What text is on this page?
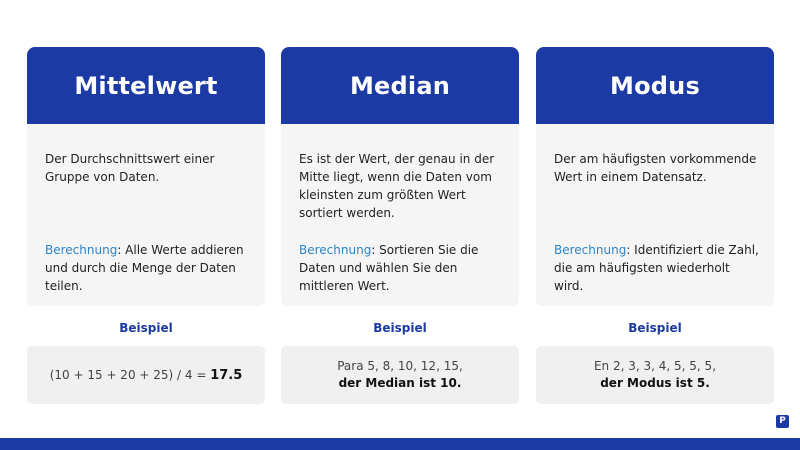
Mittelwert

Der Durchschnittswert einer Gruppe von Daten.

Berechnung: Alle Werte addieren und durch die Menge der Daten teilen.

Beispiel
(10 + 15 + 20 + 25) / 4 = 17.5
Median

Es ist der Wert, der genau in der Mitte liegt, wenn die Daten vom kleinsten zum größten Wert sortiert werden.

Berechnung: Sortieren Sie die Daten und wählen Sie den mittleren Wert.

Beispiel
Para 5, 8, 10, 12, 15,
der Median ist 10.
Modus

Der am häufigsten vorkommende Wert in einem Datensatz.

Berechnung: Identifiziert die Zahl, die am häufigsten wiederholt wird.

Beispiel
En 2, 3, 3, 4, 5, 5, 5,
der Modus ist 5.
P
